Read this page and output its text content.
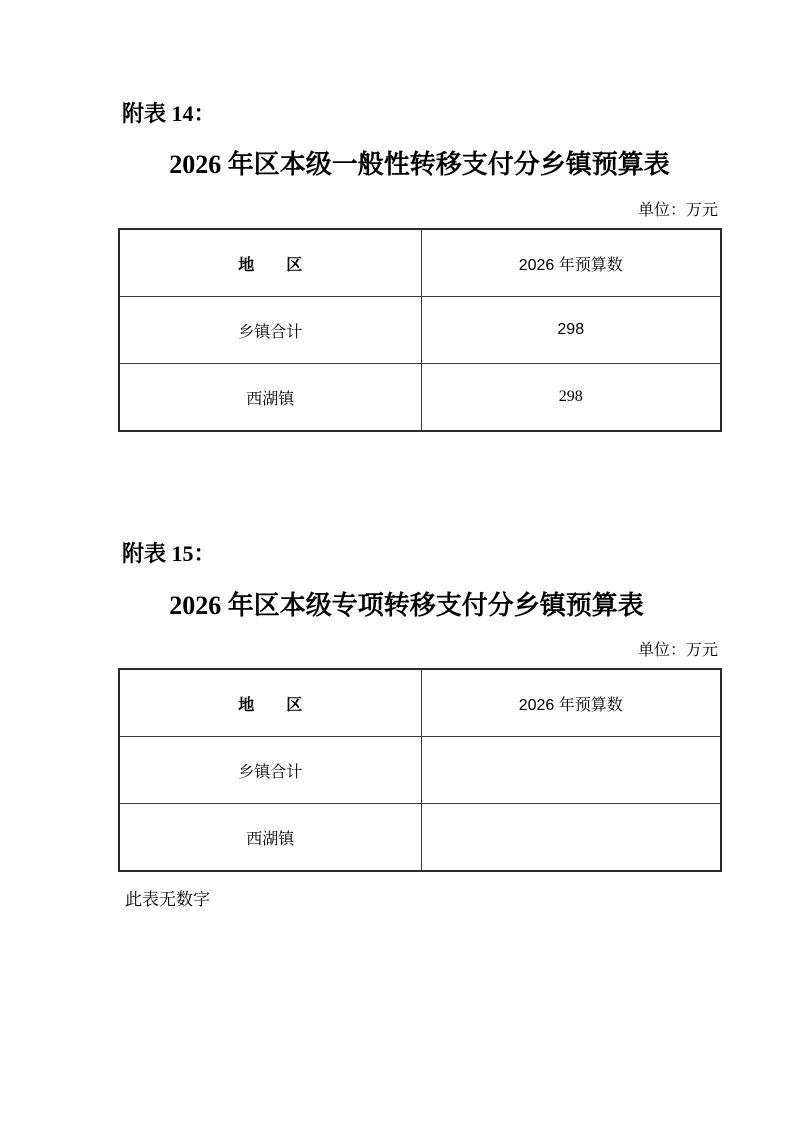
附表 14：
2026 年区本级一般性转移支付分乡镇预算表
单位：万元
地　　区	2026 年预算数
乡镇合计	298
西湖镇	298
附表 15：
2026 年区本级专项转移支付分乡镇预算表
单位：万元
地　　区	2026 年预算数
乡镇合计	
西湖镇	
此表无数字
